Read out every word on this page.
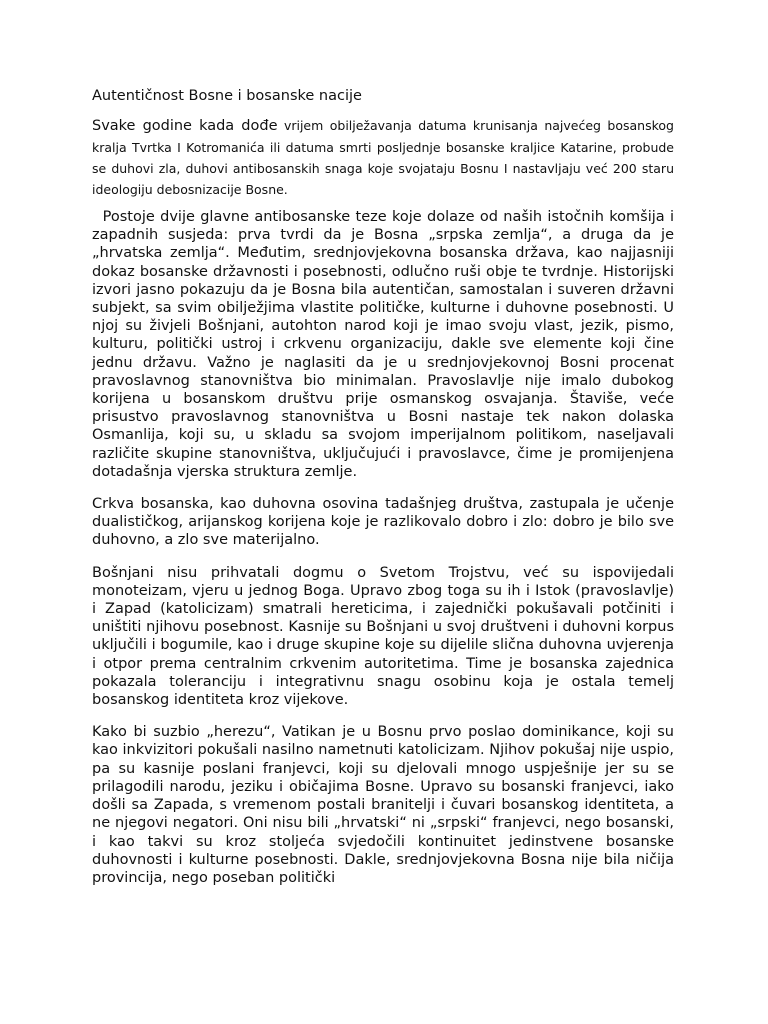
Autentičnost Bosne i bosanske nacije

Svake godine kada dođe vrijem obilježavanja datuma krunisanja najvećeg bosanskog kralja Tvrtka I Kotromanića ili datuma smrti posljednje bosanske kraljice Katarine, probude se duhovi zla, duhovi antibosanskih snaga koje svojataju Bosnu I nastavljaju već 200 staru ideologiju debosnizacije Bosne.

Postoje dvije glavne antibosanske teze koje dolaze od naših istočnih komšija i zapadnih susjeda: prva tvrdi da je Bosna „srpska zemlja“, a druga da je „hrvatska zemlja“. Međutim, srednjovjekovna bosanska država, kao najjasniji dokaz bosanske državnosti i posebnosti, odlučno ruši obje te tvrdnje. Historijski izvori jasno pokazuju da je Bosna bila autentičan, samostalan i suveren državni subjekt, sa svim obilježjima vlastite političke, kulturne i duhovne posebnosti. U njoj su živjeli Bošnjani, autohton narod koji je imao svoju vlast, jezik, pismo, kulturu, politički ustroj i crkvenu organizaciju, dakle sve elemente koji čine jednu državu. Važno je naglasiti da je u srednjovjekovnoj Bosni procenat pravoslavnog stanovništva bio minimalan. Pravoslavlje nije imalo dubokog korijena u bosanskom društvu prije osmanskog osvajanja. Štaviše, veće prisustvo pravoslavnog stanovništva u Bosni nastaje tek nakon dolaska Osmanlija, koji su, u skladu sa svojom imperijalnom politikom, naseljavali različite skupine stanovništva, uključujući i pravoslavce, čime je promijenjena dotadašnja vjerska struktura zemlje.

Crkva bosanska, kao duhovna osovina tadašnjeg društva, zastupala je učenje dualističkog, arijanskog korijena koje je razlikovalo dobro i zlo: dobro je bilo sve duhovno, a zlo sve materijalno.

Bošnjani nisu prihvatali dogmu o Svetom Trojstvu, već su ispovijedali monoteizam, vjeru u jednog Boga. Upravo zbog toga su ih i Istok (pravoslavlje) i Zapad (katolicizam) smatrali hereticima, i zajednički pokušavali potčiniti i uništiti njihovu posebnost. Kasnije su Bošnjani u svoj društveni i duhovni korpus uključili i bogumile, kao i druge skupine koje su dijelile slična duhovna uvjerenja i otpor prema centralnim crkvenim autoritetima. Time je bosanska zajednica pokazala toleranciju i integrativnu snagu osobinu koja je ostala temelj bosanskog identiteta kroz vijekove.

Kako bi suzbio „herezu“, Vatikan je u Bosnu prvo poslao dominikance, koji su kao inkvizitori pokušali nasilno nametnuti katolicizam. Njihov pokušaj nije uspio, pa su kasnije poslani franjevci, koji su djelovali mnogo uspješnije jer su se prilagodili narodu, jeziku i običajima Bosne. Upravo su bosanski franjevci, iako došli sa Zapada, s vremenom postali branitelji i čuvari bosanskog identiteta, a ne njegovi negatori. Oni nisu bili „hrvatski“ ni „srpski“ franjevci, nego bosanski, i kao takvi su kroz stoljeća svjedočili kontinuitet jedinstvene bosanske duhovnosti i kulturne posebnosti. Dakle, srednjovjekovna Bosna nije bila ničija provincija, nego poseban politički
